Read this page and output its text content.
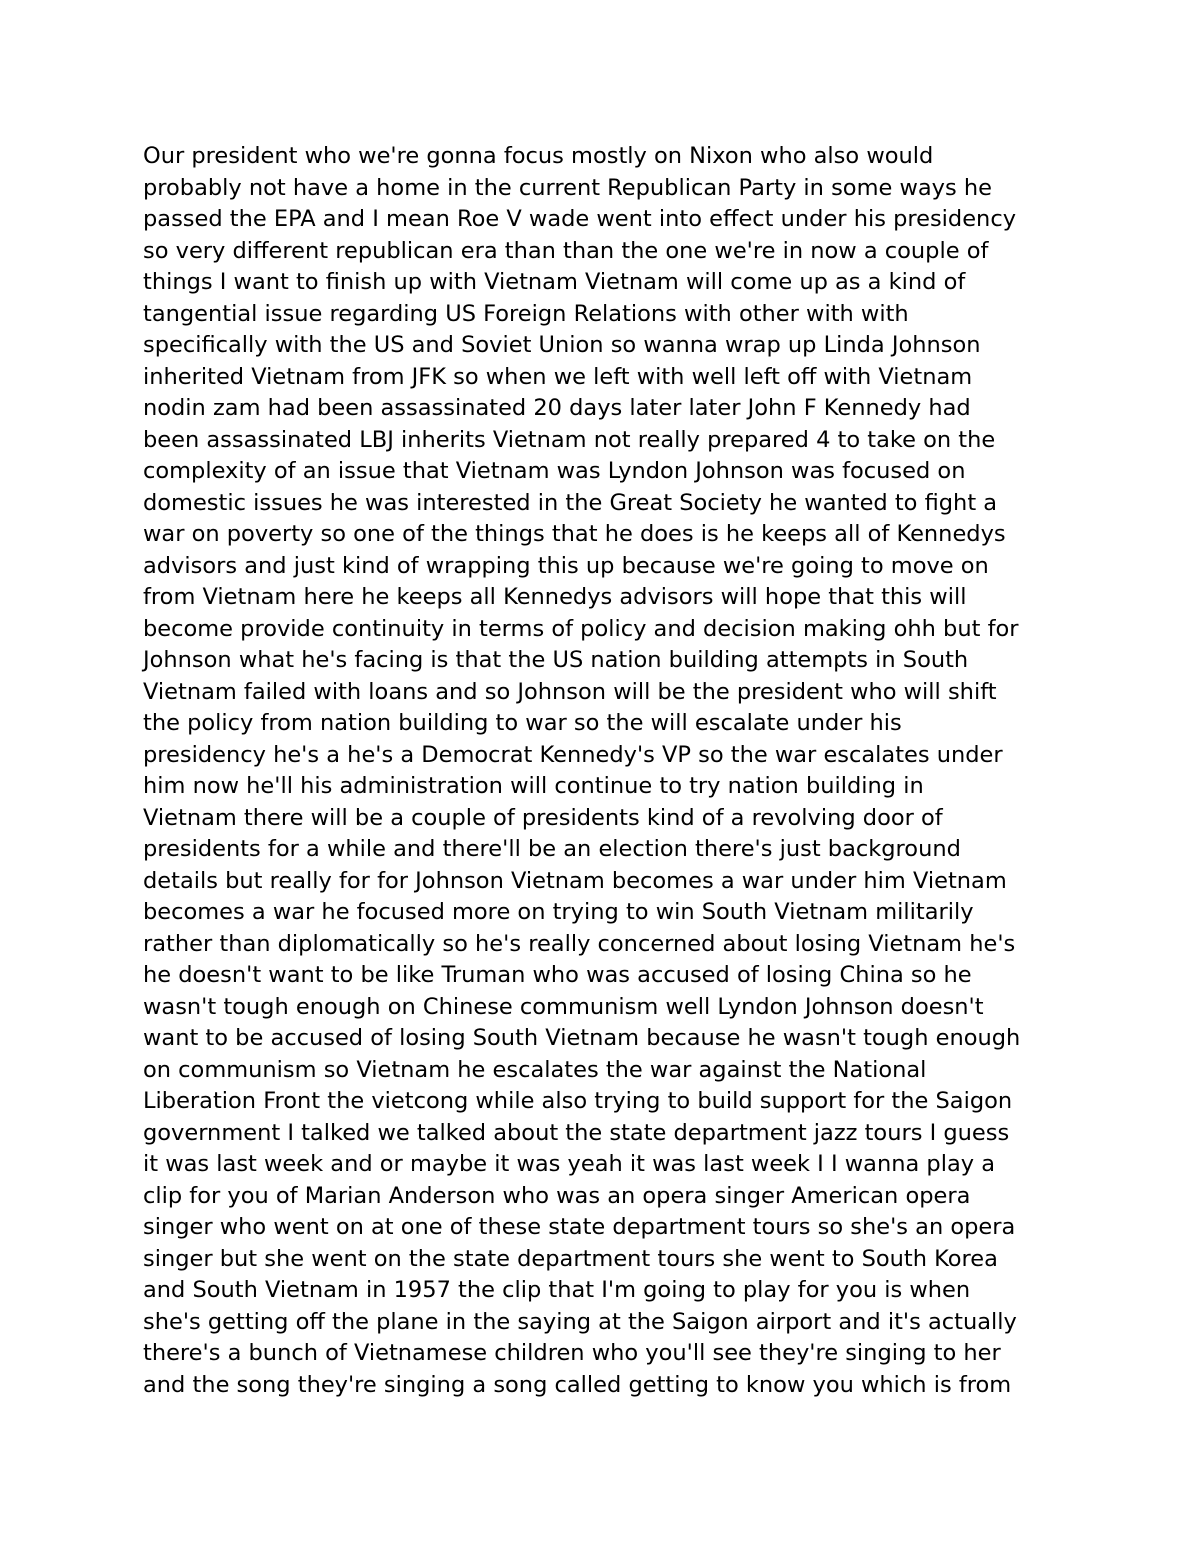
Our president who we're gonna focus mostly on Nixon who also would
probably not have a home in the current Republican Party in some ways he
passed the EPA and I mean Roe V wade went into effect under his presidency
so very different republican era than than the one we're in now a couple of
things I want to finish up with Vietnam Vietnam will come up as a kind of
tangential issue regarding US Foreign Relations with other with with
specifically with the US and Soviet Union so wanna wrap up Linda Johnson
inherited Vietnam from JFK so when we left with well left off with Vietnam
nodin zam had been assassinated 20 days later later John F Kennedy had
been assassinated LBJ inherits Vietnam not really prepared 4 to take on the
complexity of an issue that Vietnam was Lyndon Johnson was focused on
domestic issues he was interested in the Great Society he wanted to fight a
war on poverty so one of the things that he does is he keeps all of Kennedys
advisors and just kind of wrapping this up because we're going to move on
from Vietnam here he keeps all Kennedys advisors will hope that this will
become provide continuity in terms of policy and decision making ohh but for
Johnson what he's facing is that the US nation building attempts in South
Vietnam failed with loans and so Johnson will be the president who will shift
the policy from nation building to war so the will escalate under his
presidency he's a he's a Democrat Kennedy's VP so the war escalates under
him now he'll his administration will continue to try nation building in
Vietnam there will be a couple of presidents kind of a revolving door of
presidents for a while and there'll be an election there's just background
details but really for for Johnson Vietnam becomes a war under him Vietnam
becomes a war he focused more on trying to win South Vietnam militarily
rather than diplomatically so he's really concerned about losing Vietnam he's
he doesn't want to be like Truman who was accused of losing China so he
wasn't tough enough on Chinese communism well Lyndon Johnson doesn't
want to be accused of losing South Vietnam because he wasn't tough enough
on communism so Vietnam he escalates the war against the National
Liberation Front the vietcong while also trying to build support for the Saigon
government I talked we talked about the state department jazz tours I guess
it was last week and or maybe it was yeah it was last week I I wanna play a
clip for you of Marian Anderson who was an opera singer American opera
singer who went on at one of these state department tours so she's an opera
singer but she went on the state department tours she went to South Korea
and South Vietnam in 1957 the clip that I'm going to play for you is when
she's getting off the plane in the saying at the Saigon airport and it's actually
there's a bunch of Vietnamese children who you'll see they're singing to her
and the song they're singing a song called getting to know you which is from
